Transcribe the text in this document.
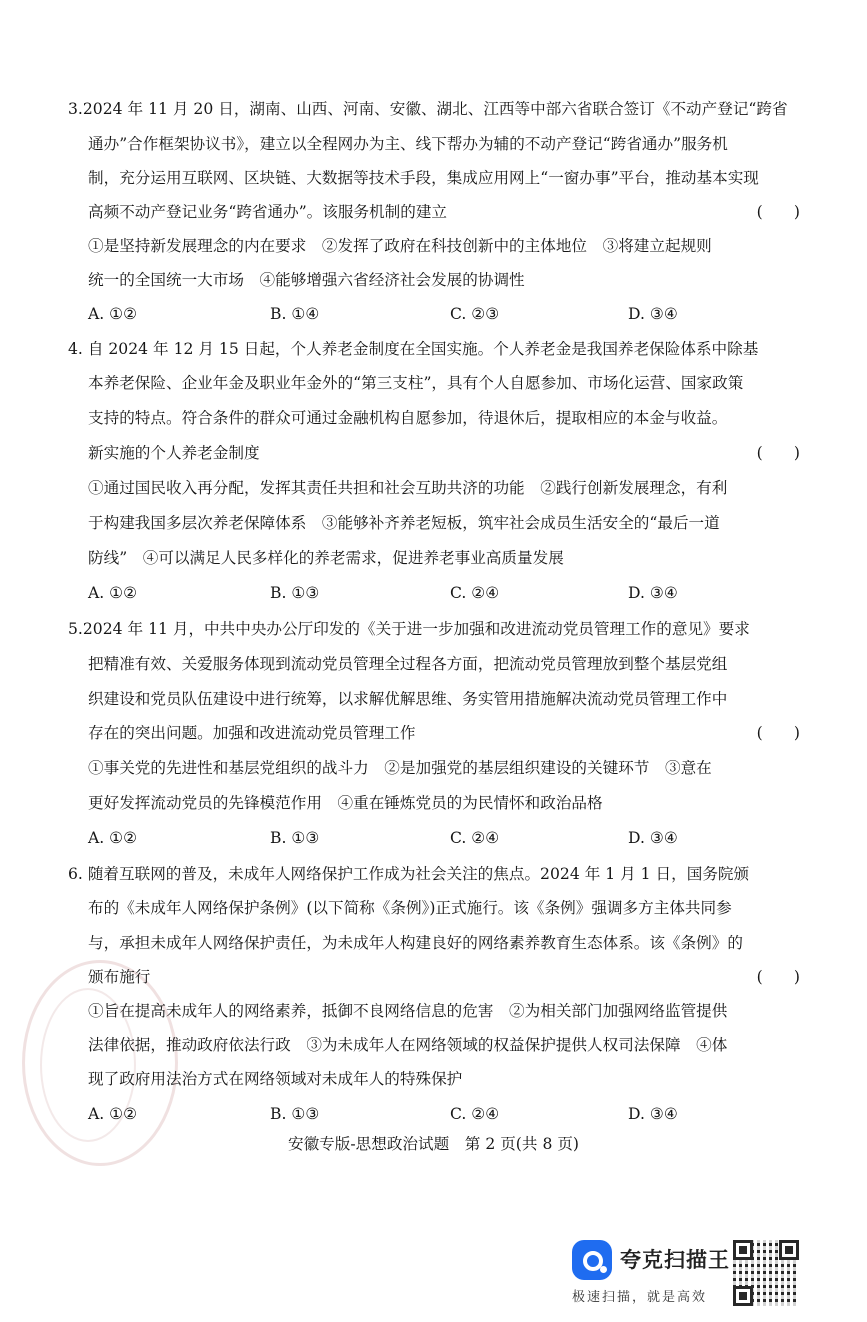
3.2024 年 11 月 20 日，湖南、山西、河南、安徽、湖北、江西等中部六省联合签订《不动产登记“跨省
通办”合作框架协议书》，建立以全程网办为主、线下帮办为辅的不动产登记“跨省通办”服务机
制，充分运用互联网、区块链、大数据等技术手段，集成应用网上“一窗办事”平台，推动基本实现
高频不动产登记业务“跨省通办”。该服务机制的建立	(　　)
①是坚持新发展理念的内在要求　②发挥了政府在科技创新中的主体地位　③将建立起规则
统一的全国统一大市场　④能够增强六省经济社会发展的协调性
A. ①②	B. ①④	C. ②③	D. ③④
4. 自 2024 年 12 月 15 日起，个人养老金制度在全国实施。个人养老金是我国养老保险体系中除基
本养老保险、企业年金及职业年金外的“第三支柱”，具有个人自愿参加、市场化运营、国家政策
支持的特点。符合条件的群众可通过金融机构自愿参加，待退休后，提取相应的本金与收益。
新实施的个人养老金制度	(　　)
①通过国民收入再分配，发挥其责任共担和社会互助共济的功能　②践行创新发展理念，有利
于构建我国多层次养老保障体系　③能够补齐养老短板，筑牢社会成员生活安全的“最后一道
防线”　④可以满足人民多样化的养老需求，促进养老事业高质量发展
A. ①②	B. ①③	C. ②④	D. ③④
5.2024 年 11 月，中共中央办公厅印发的《关于进一步加强和改进流动党员管理工作的意见》要求
把精准有效、关爱服务体现到流动党员管理全过程各方面，把流动党员管理放到整个基层党组
织建设和党员队伍建设中进行统筹，以求解优解思维、务实管用措施解决流动党员管理工作中
存在的突出问题。加强和改进流动党员管理工作	(　　)
①事关党的先进性和基层党组织的战斗力　②是加强党的基层组织建设的关键环节　③意在
更好发挥流动党员的先锋模范作用　④重在锤炼党员的为民情怀和政治品格
A. ①②	B. ①③	C. ②④	D. ③④
6. 随着互联网的普及，未成年人网络保护工作成为社会关注的焦点。2024 年 1 月 1 日，国务院颁
布的《未成年人网络保护条例》(以下简称《条例》)正式施行。该《条例》强调多方主体共同参
与，承担未成年人网络保护责任，为未成年人构建良好的网络素养教育生态体系。该《条例》的
颁布施行	(　　)
①旨在提高未成年人的网络素养，抵御不良网络信息的危害　②为相关部门加强网络监管提供
法律依据，推动政府依法行政　③为未成年人在网络领域的权益保护提供人权司法保障　④体
现了政府用法治方式在网络领域对未成年人的特殊保护
A. ①②	B. ①③	C. ②④	D. ③④
安徽专版-思想政治试题　第 2 页(共 8 页)
夸克扫描王
极速扫描，就是高效
